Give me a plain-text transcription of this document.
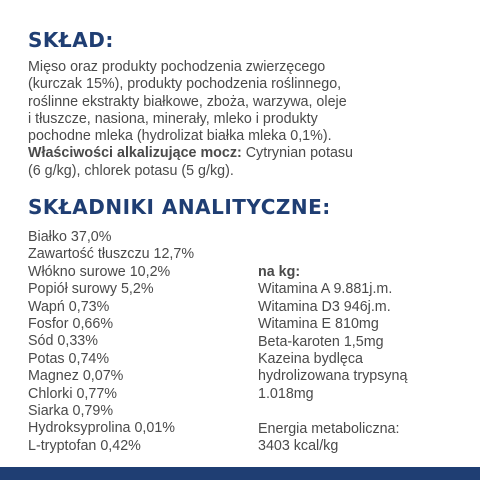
SKŁAD:
Mięso oraz produkty pochodzenia zwierzęcego
(kurczak 15%), produkty pochodzenia roślinnego,
roślinne ekstrakty białkowe, zboża, warzywa, oleje
i tłuszcze, nasiona, minerały, mleko i produkty
pochodne mleka (hydrolizat białka mleka 0,1%).
Właściwości alkalizujące mocz: Cytrynian potasu
(6 g/kg), chlorek potasu (5 g/kg).
SKŁADNIKI ANALITYCZNE:
Białko 37,0%
Zawartość tłuszczu 12,7%
Włókno surowe 10,2%
Popiół surowy 5,2%
Wapń 0,73%
Fosfor 0,66%
Sód 0,33%
Potas 0,74%
Magnez 0,07%
Chlorki 0,77%
Siarka 0,79%
Hydroksyprolina 0,01%
L-tryptofan 0,42%
na kg:
Witamina A 9.881j.m.
Witamina D3 946j.m.
Witamina E 810mg
Beta-karoten 1,5mg
Kazeina bydlęca
hydrolizowana trypsyną
1.018mg
Energia metaboliczna:
3403 kcal/kg
